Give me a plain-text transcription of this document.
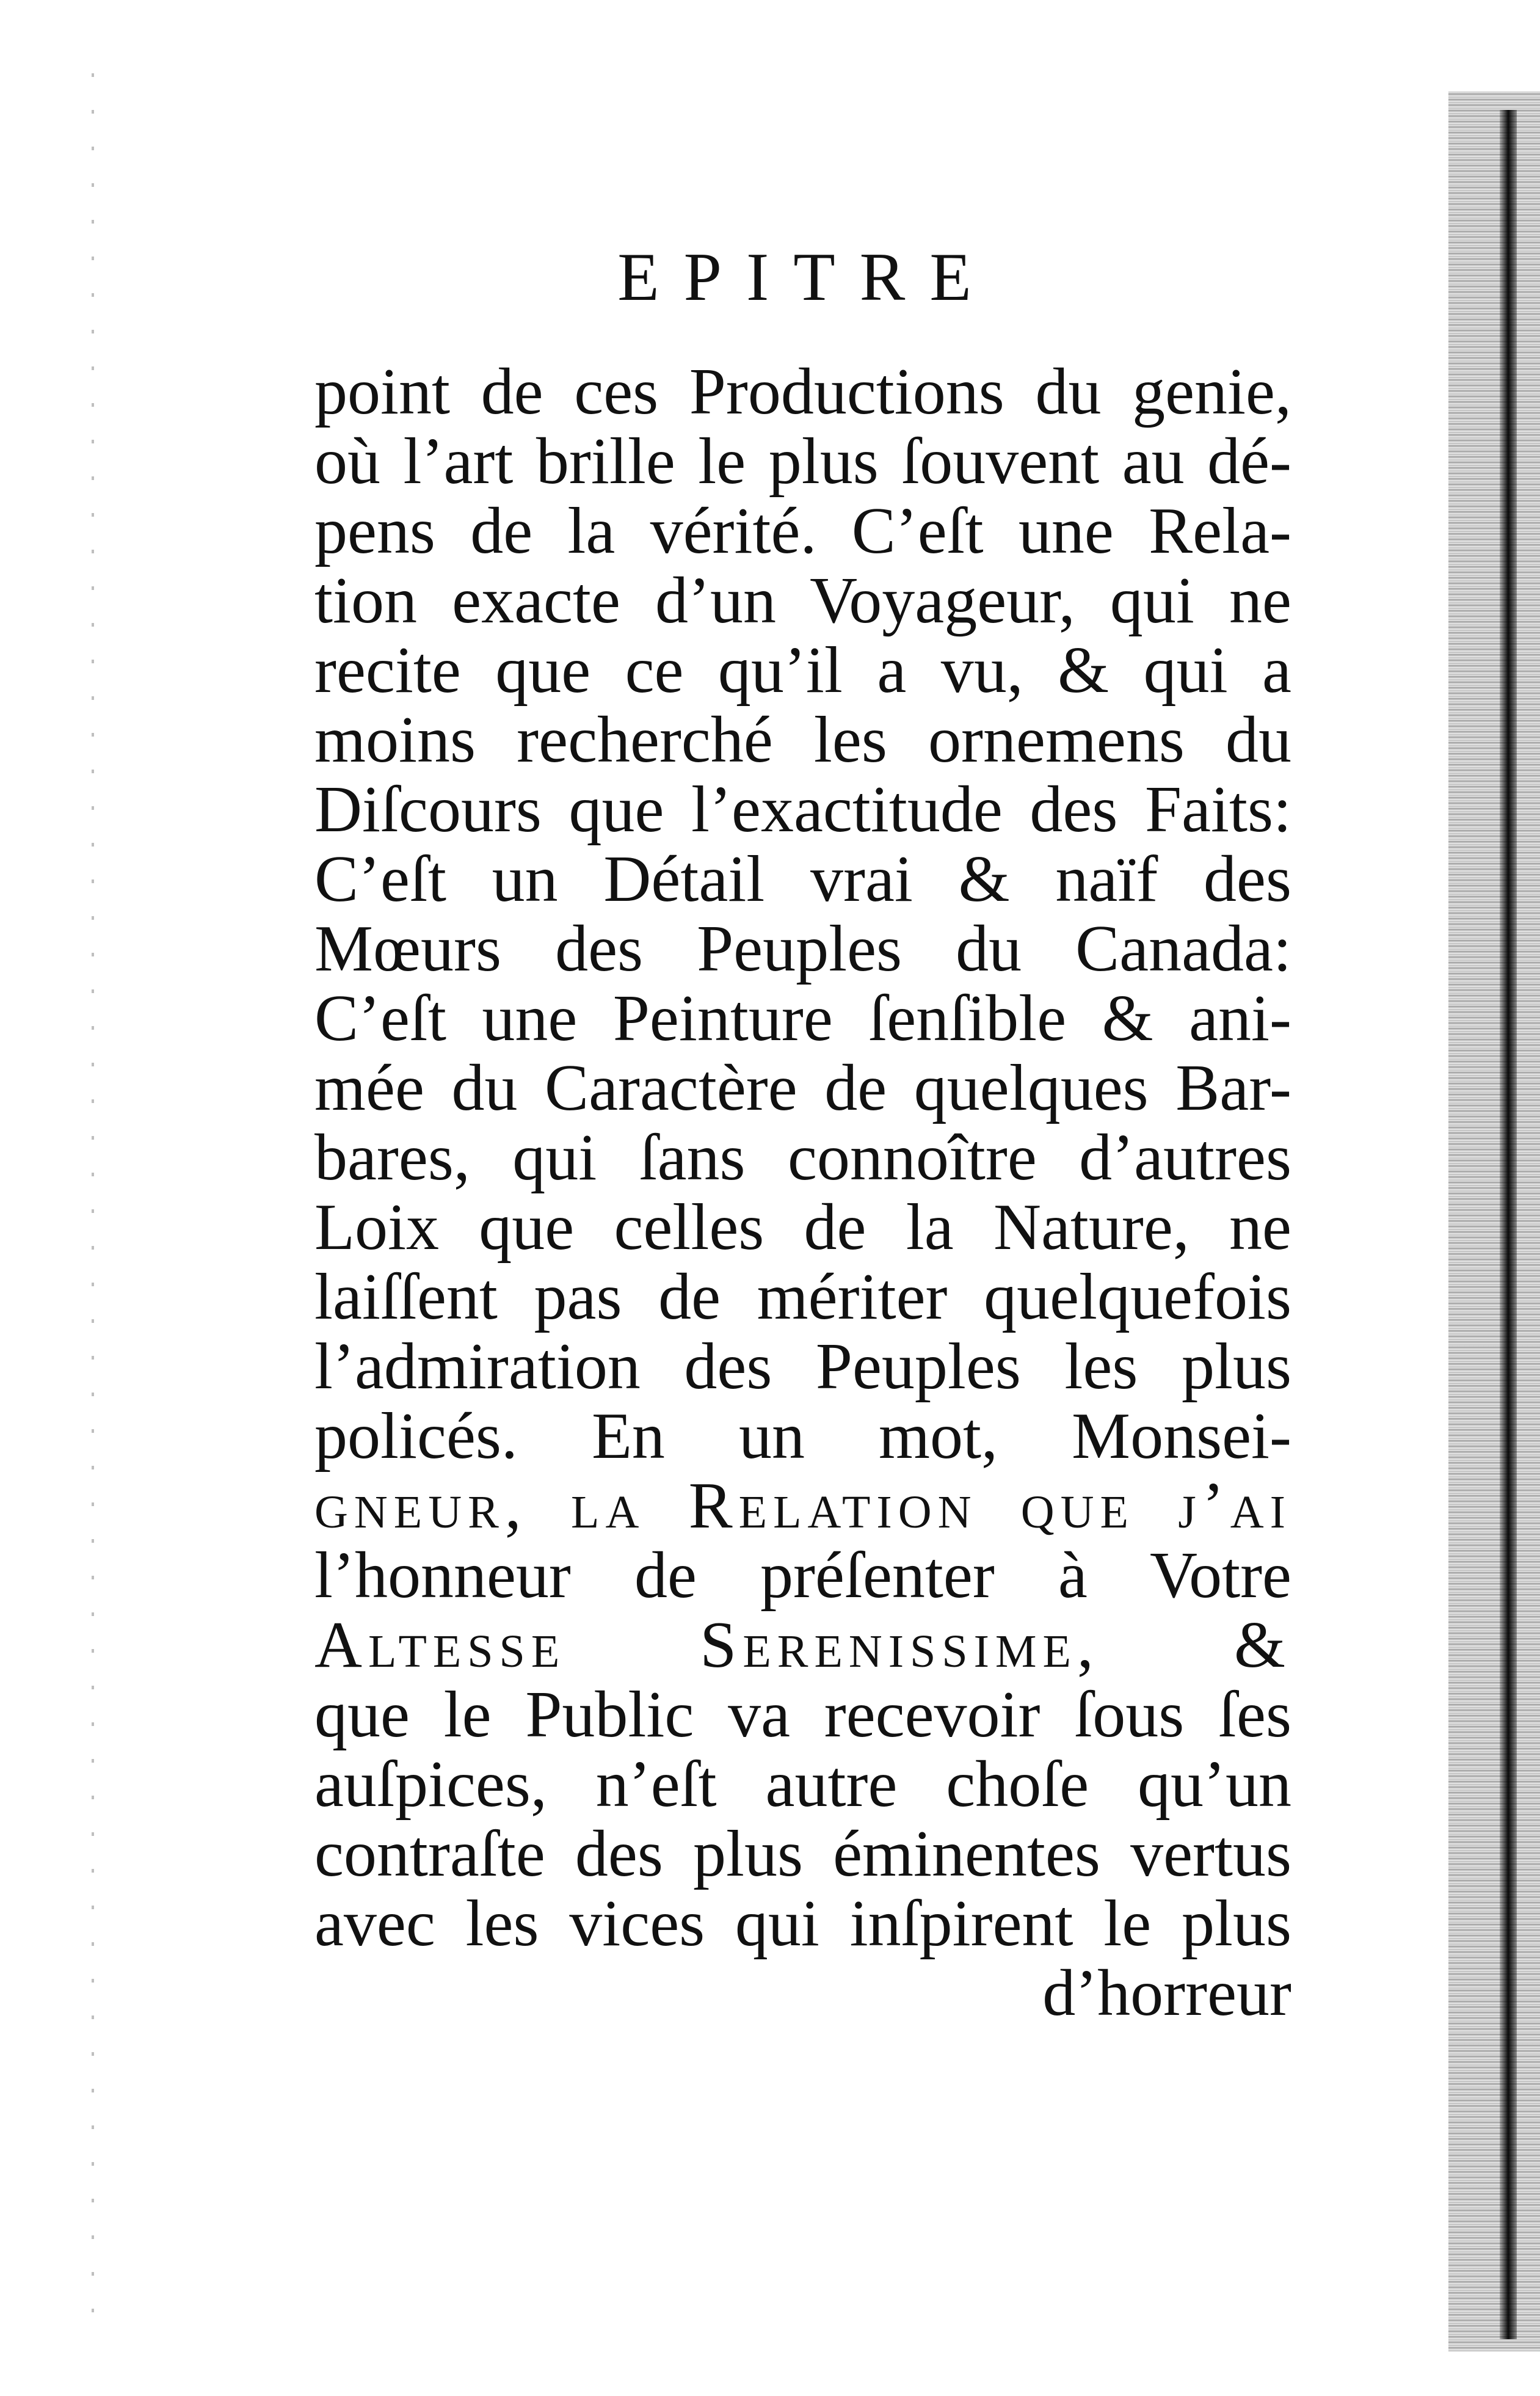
EPITRE
point de ces Productions du genie,
où l’art brille le plus ſouvent au dé-
pens de la vérité. C’eſt une Rela-
tion exacte d’un Voyageur, qui ne
recite que ce qu’il a vu, & qui a
moins recherché les ornemens du
Diſcours que l’exactitude des Faits:
C’eſt un Détail vrai & naïf des
Mœurs des Peuples du Canada:
C’eſt une Peinture ſenſible & ani-
mée du Caractère de quelques Bar-
bares, qui ſans connoître d’autres
Loix que celles de la Nature, ne
laiſſent pas de mériter quelquefois
l’admiration des Peuples les plus
policés. En un mot, Monsei-
gneur, la Relation que j’ai
l’honneur de préſenter à Votre
Altesse Serenissime, &
que le Public va recevoir ſous ſes
auſpices, n’eſt autre choſe qu’un
contraſte des plus éminentes vertus
avec les vices qui inſpirent le plus
d’horreur
